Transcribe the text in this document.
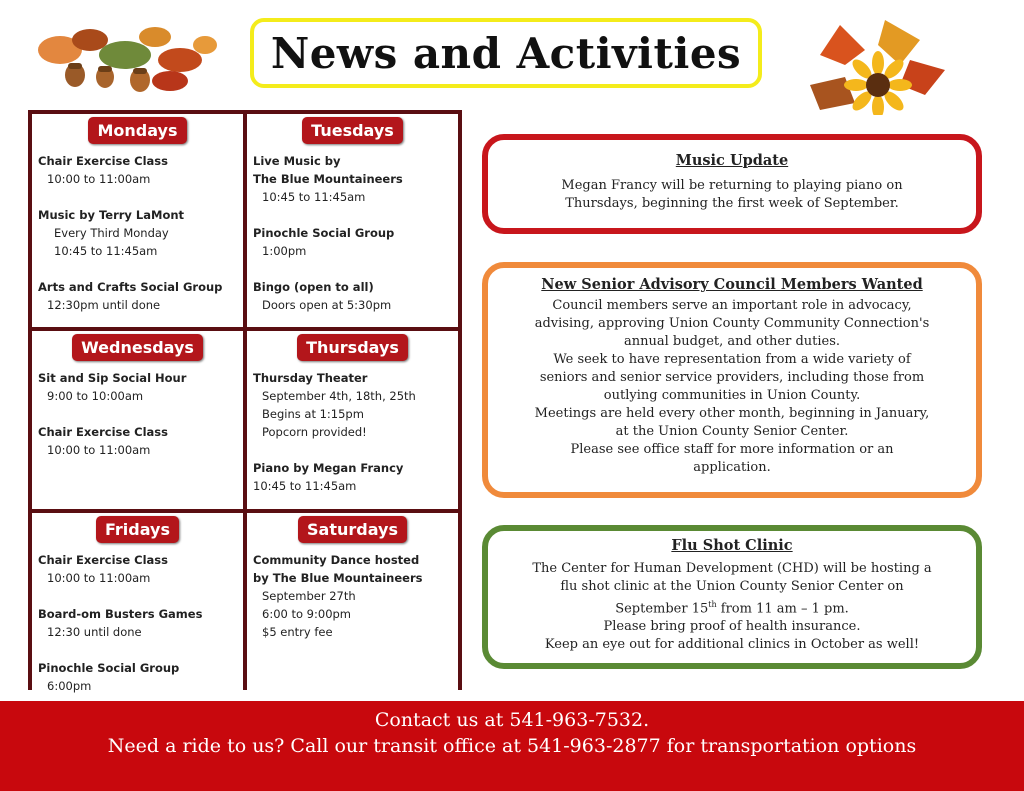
News and Activities
Mondays
Chair Exercise Class
10:00 to 11:00am
Music by Terry LaMont
Every Third Monday
10:45 to 11:45am
Arts and Crafts Social Group
12:30pm until done
Tuesdays
Live Music by
The Blue Mountaineers
10:45 to 11:45am
Pinochle Social Group
1:00pm
Bingo (open to all)
Doors open at 5:30pm
Wednesdays
Sit and Sip Social Hour
9:00 to 10:00am
Chair Exercise Class
10:00 to 11:00am
Thursdays
Thursday Theater
September 4th, 18th, 25th
Begins at 1:15pm
Popcorn provided!
Piano by Megan Francy
10:45 to 11:45am
Fridays
Chair Exercise Class
10:00 to 11:00am
Board-om Busters Games
12:30 until done
Pinochle Social Group
6:00pm
Saturdays
Community Dance hosted
by The Blue Mountaineers
September 27th
6:00 to 9:00pm
$5 entry fee
Music Update

Megan Francy will be returning to playing piano on

Thursdays, beginning the first week of September.

New Senior Advisory Council Members Wanted

Council members serve an important role in advocacy,

advising, approving Union County Community Connection's

annual budget, and other duties.

We seek to have representation from a wide variety of

seniors and senior service providers, including those from

outlying communities in Union County.

Meetings are held every other month, beginning in January,

at the Union County Senior Center.

Please see office staff for more information or an

application.

Flu Shot Clinic

The Center for Human Development (CHD) will be hosting a

flu shot clinic at the Union County Senior Center on

September 15th from 11 am – 1 pm.

Please bring proof of health insurance.

Keep an eye out for additional clinics in October as well!

Contact us at 541-963-7532.
Need a ride to us? Call our transit office at 541-963-2877 for transportation options
